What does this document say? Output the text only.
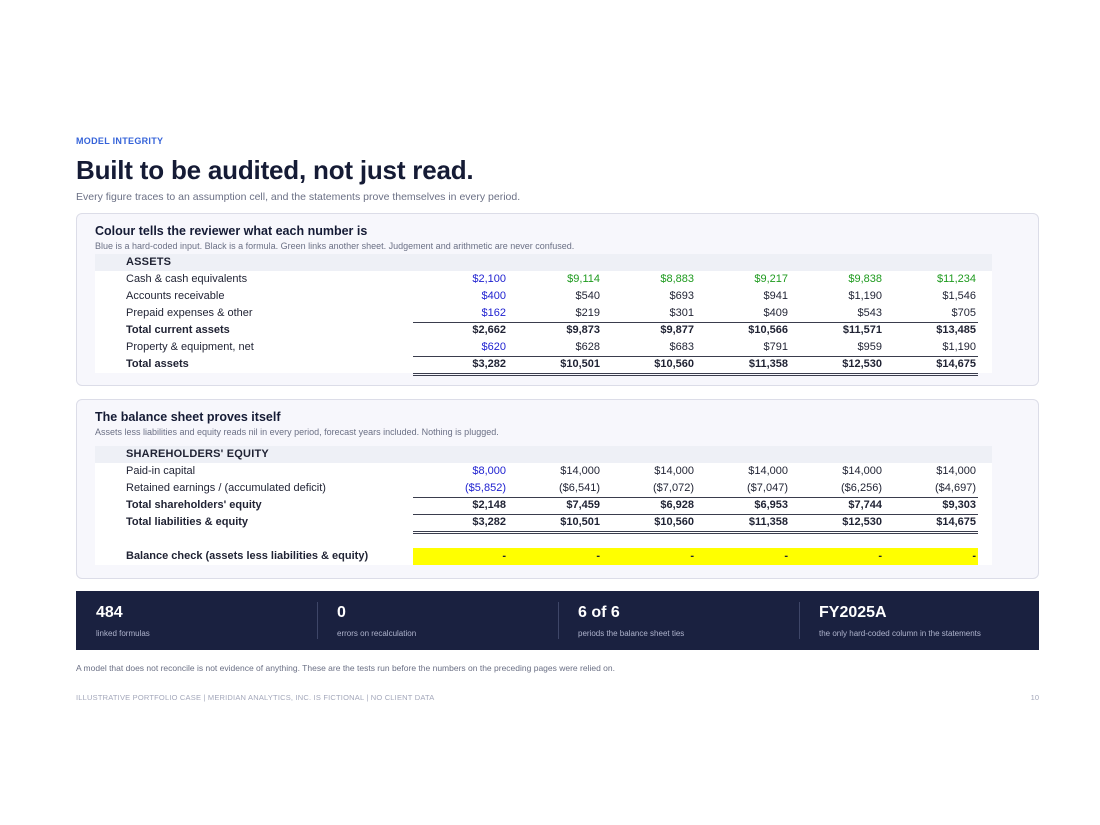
MODEL INTEGRITY
Built to be audited, not just read.
Every figure traces to an assumption cell, and the statements prove themselves in every period.
Colour tells the reviewer what each number is
Blue is a hard-coded input. Black is a formula. Green links another sheet. Judgement and arithmetic are never confused.
ASSETS
Cash & cash equivalents	$2,100	$9,114	$8,883	$9,217	$9,838	$11,234
Accounts receivable	$400	$540	$693	$941	$1,190	$1,546
Prepaid expenses & other	$162	$219	$301	$409	$543	$705
Total current assets	$2,662	$9,873	$9,877	$10,566	$11,571	$13,485
Property & equipment, net	$620	$628	$683	$791	$959	$1,190
Total assets	$3,282	$10,501	$10,560	$11,358	$12,530	$14,675
The balance sheet proves itself
Assets less liabilities and equity reads nil in every period, forecast years included. Nothing is plugged.
SHAREHOLDERS' EQUITY
Paid-in capital	$8,000	$14,000	$14,000	$14,000	$14,000	$14,000
Retained earnings / (accumulated deficit)	($5,852)	($6,541)	($7,072)	($7,047)	($6,256)	($4,697)
Total shareholders' equity	$2,148	$7,459	$6,928	$6,953	$7,744	$9,303
Total liabilities & equity	$3,282	$10,501	$10,560	$11,358	$12,530	$14,675
Balance check (assets less liabilities & equity)	-	-	-	-	-	-
484
linked formulas
0
errors on recalculation
6 of 6
periods the balance sheet ties
FY2025A
the only hard-coded column in the statements
A model that does not reconcile is not evidence of anything. These are the tests run before the numbers on the preceding pages were relied on.
ILLUSTRATIVE PORTFOLIO CASE | MERIDIAN ANALYTICS, INC. IS FICTIONAL | NO CLIENT DATA	10
